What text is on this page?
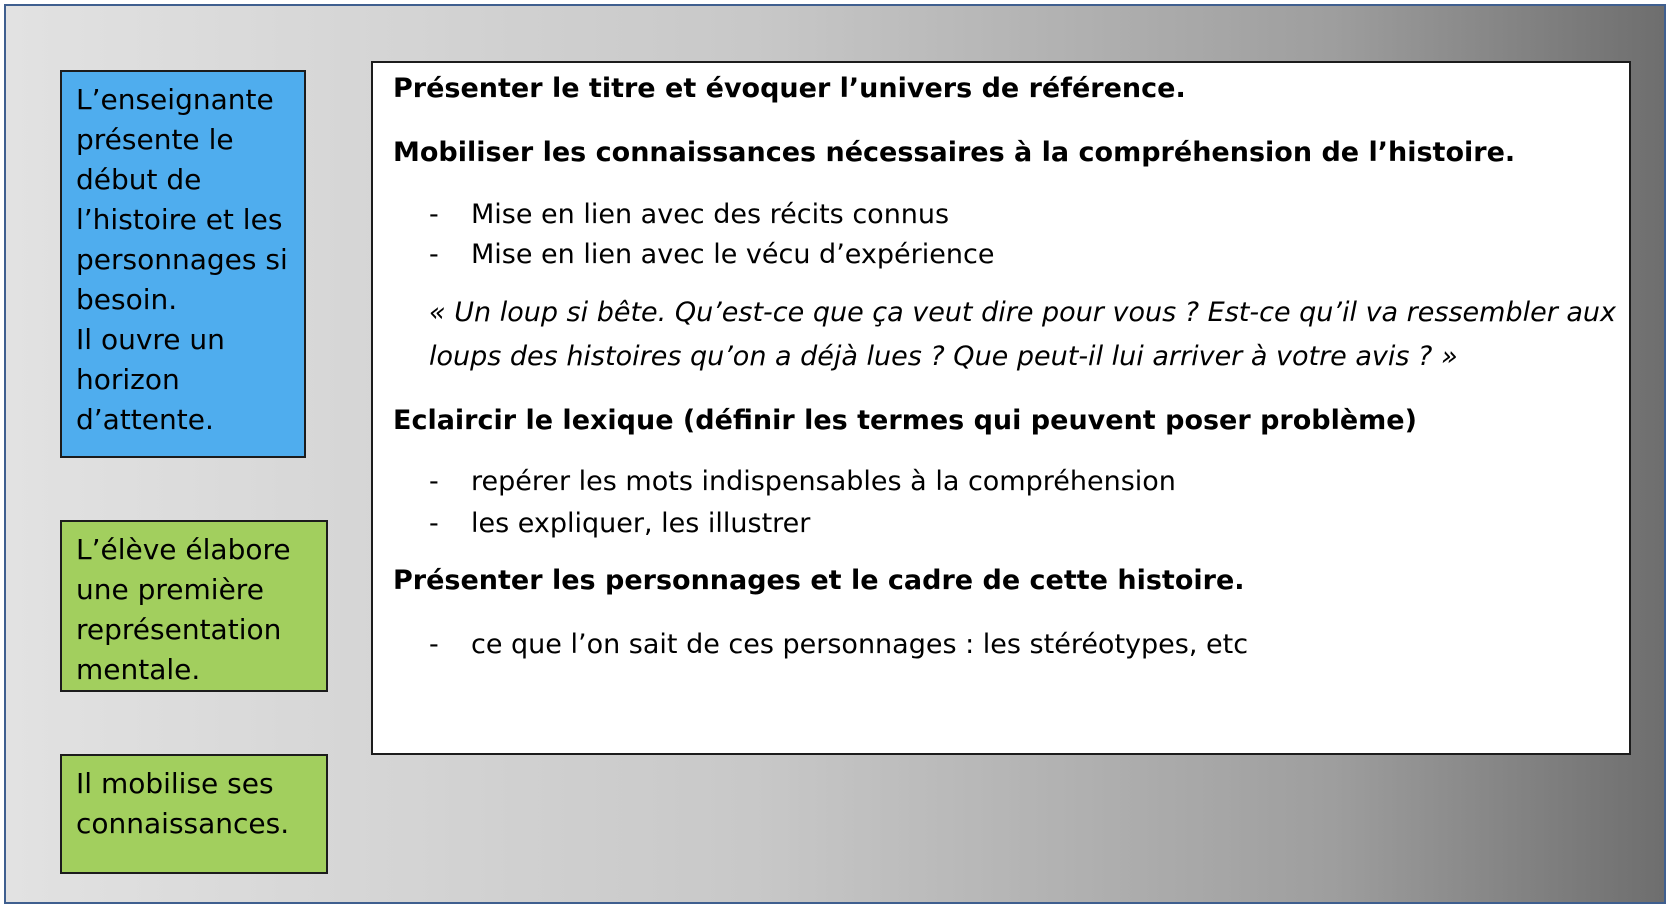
L’enseignante
présente le
début de
l’histoire et les
personnages si
besoin.
Il ouvre un
horizon
d’attente.
L’élève élabore
une première
représentation
mentale.
Il mobilise ses
connaissances.
Présenter le titre et évoquer l’univers de référence.
Mobiliser les connaissances nécessaires à la compréhension de l’histoire.
- Mise en lien avec des récits connus
- Mise en lien avec le vécu d’expérience
« Un loup si bête. Qu’est-ce que ça veut dire pour vous ? Est-ce qu’il va ressembler aux
loups des histoires qu’on a déjà lues ? Que peut-il lui arriver à votre avis ? »
Eclaircir le lexique (définir les termes qui peuvent poser problème)
- repérer les mots indispensables à la compréhension
- les expliquer, les illustrer
Présenter les personnages et le cadre de cette histoire.
- ce que l’on sait de ces personnages : les stéréotypes, etc
